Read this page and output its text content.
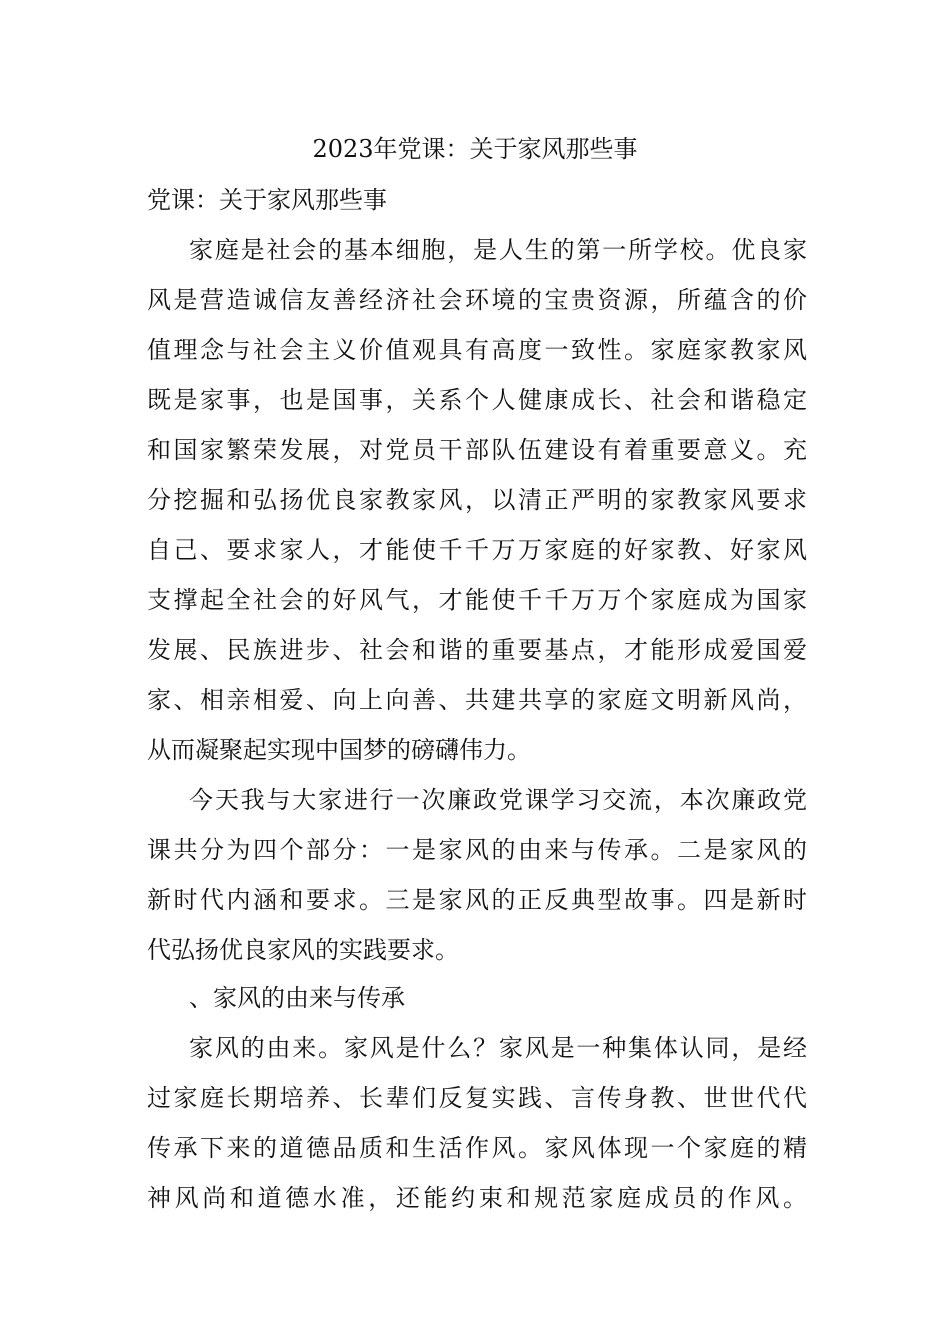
2023年党课：关于家风那些事
党课：关于家风那些事
家庭是社会的基本细胞，是人生的第一所学校。优良家
风是营造诚信友善经济社会环境的宝贵资源，所蕴含的价
值理念与社会主义价值观具有高度一致性。家庭家教家风
既是家事，也是国事，关系个人健康成长、社会和谐稳定
和国家繁荣发展，对党员干部队伍建设有着重要意义。充
分挖掘和弘扬优良家教家风，以清正严明的家教家风要求
自己、要求家人，才能使千千万万家庭的好家教、好家风
支撑起全社会的好风气，才能使千千万万个家庭成为国家
发展、民族进步、社会和谐的重要基点，才能形成爱国爱
家、相亲相爱、向上向善、共建共享的家庭文明新风尚，
从而凝聚起实现中国梦的磅礴伟力。
今天我与大家进行一次廉政党课学习交流，本次廉政党
课共分为四个部分：一是家风的由来与传承。二是家风的
新时代内涵和要求。三是家风的正反典型故事。四是新时
代弘扬优良家风的实践要求。
、家风的由来与传承
家风的由来。家风是什么？家风是一种集体认同，是经
过家庭长期培养、长辈们反复实践、言传身教、世世代代
传承下来的道德品质和生活作风。家风体现一个家庭的精
神风尚和道德水准，还能约束和规范家庭成员的作风。
